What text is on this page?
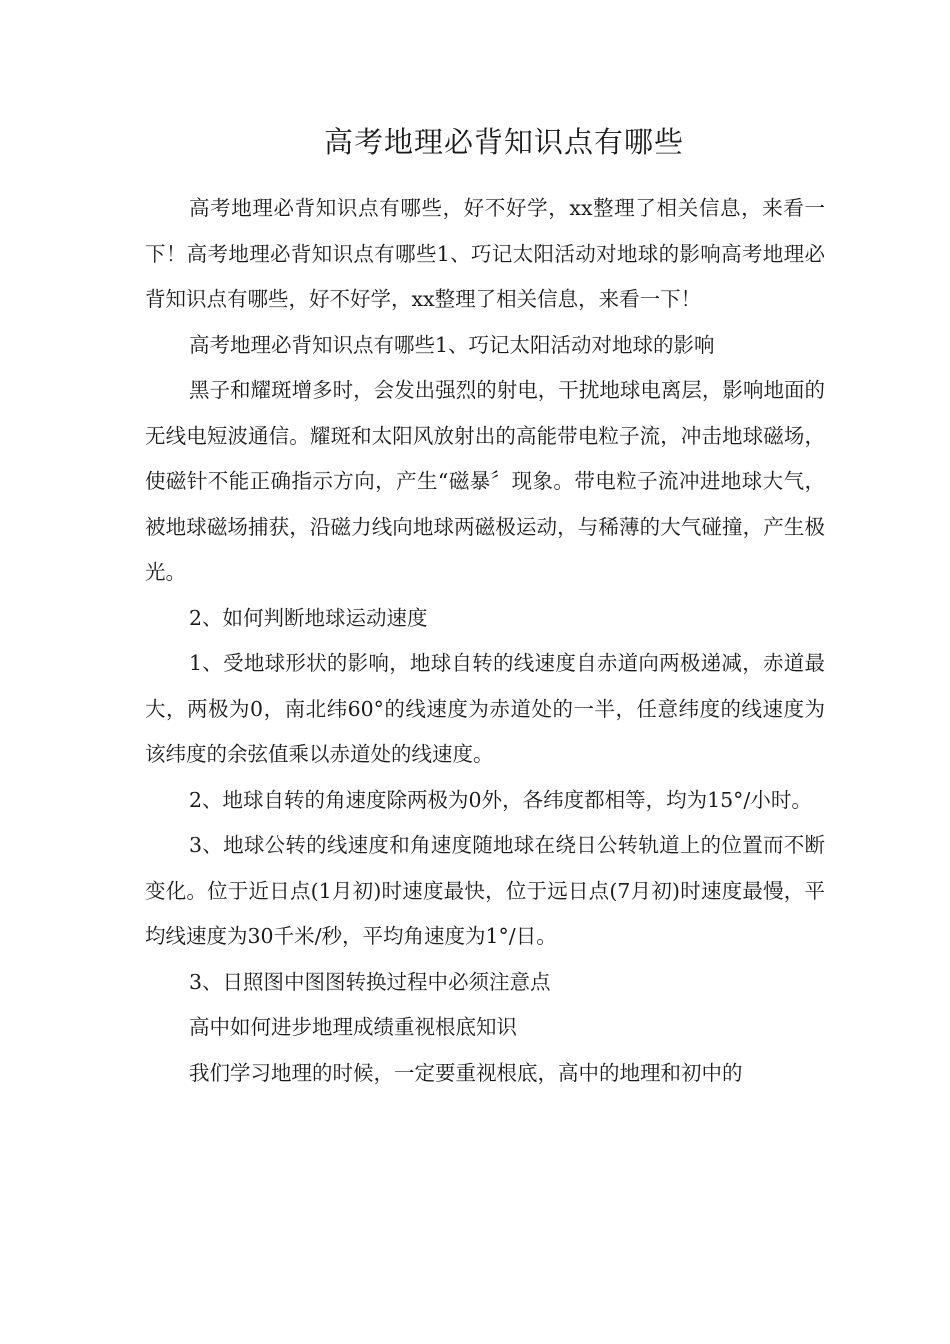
高考地理必背知识点有哪些

高考地理必背知识点有哪些，好不好学，xx整理了相关信息，来看一下！高考地理必背知识点有哪些1、巧记太阳活动对地球的影响高考地理必背知识点有哪些，好不好学，xx整理了相关信息，来看一下！

高考地理必背知识点有哪些1、巧记太阳活动对地球的影响

黑子和耀斑增多时，会发出强烈的射电，干扰地球电离层，影响地面的无线电短波通信。耀斑和太阳风放射出的高能带电粒子流，冲击地球磁场，使磁针不能正确指示方向，产生“磁暴〞现象。带电粒子流冲进地球大气，被地球磁场捕获，沿磁力线向地球两磁极运动，与稀薄的大气碰撞，产生极光。

2、如何判断地球运动速度

1、受地球形状的影响，地球自转的线速度自赤道向两极递减，赤道最大，两极为0，南北纬60°的线速度为赤道处的一半，任意纬度的线速度为该纬度的余弦值乘以赤道处的线速度。

2、地球自转的角速度除两极为0外，各纬度都相等，均为15°/小时。

3、地球公转的线速度和角速度随地球在绕日公转轨道上的位置而不断变化。位于近日点(1月初)时速度最快，位于远日点(7月初)时速度最慢，平均线速度为30千米/秒，平均角速度为1°/日。

3、日照图中图图转换过程中必须注意点

高中如何进步地理成绩重视根底知识

我们学习地理的时候，一定要重视根底，高中的地理和初中的
